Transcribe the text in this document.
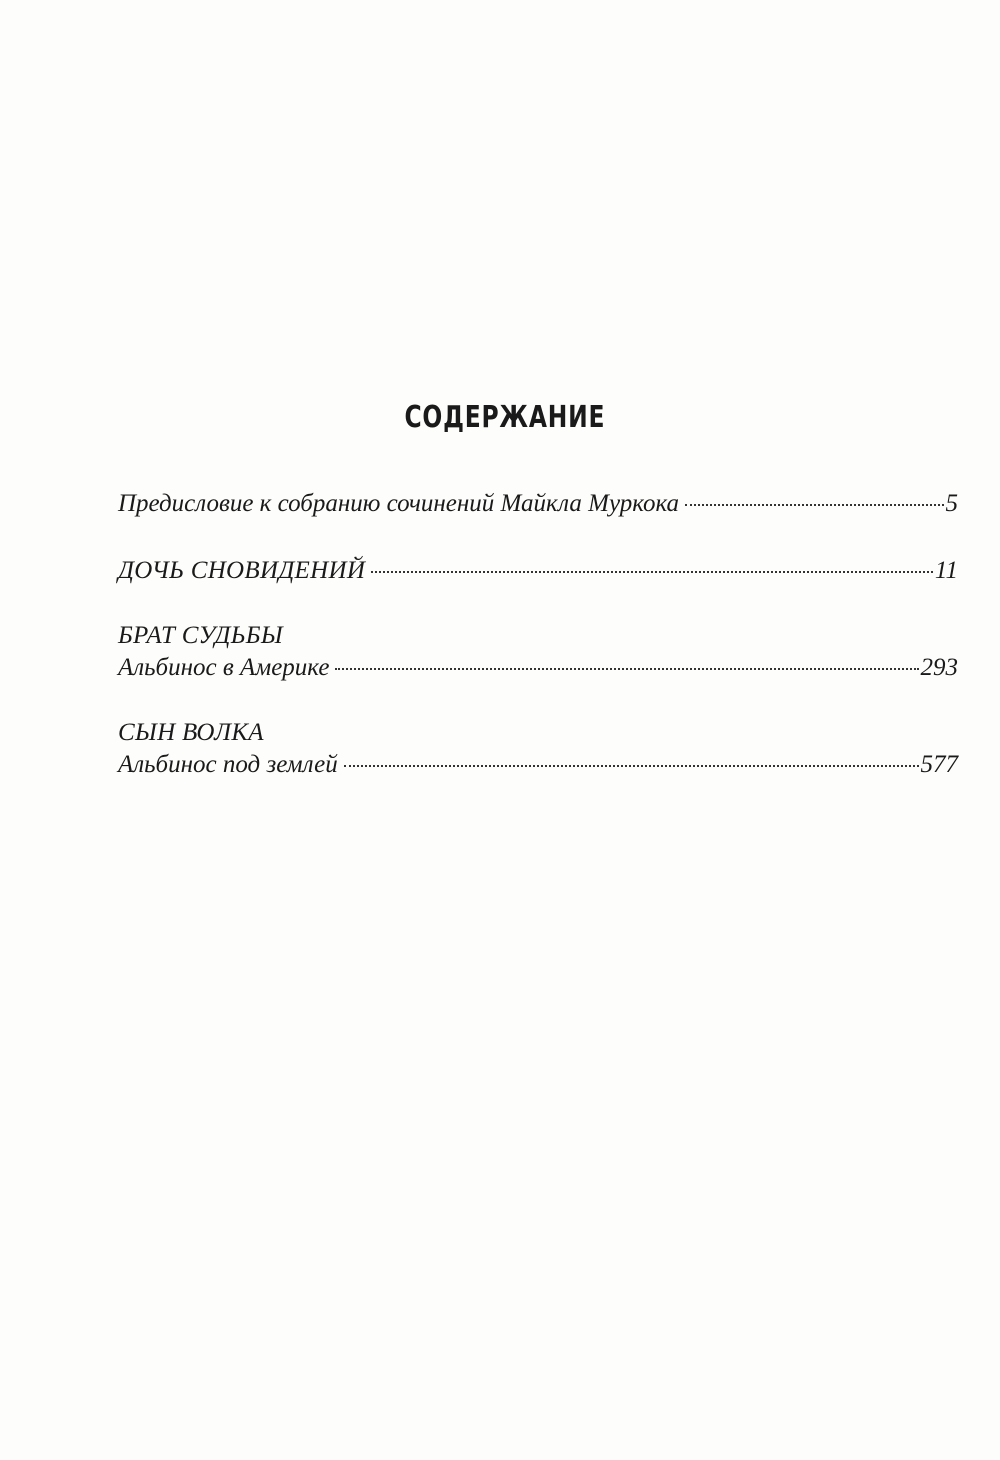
СОДЕРЖАНИЕ
Предисловие к собранию сочинений Майкла Муркока	5
ДОЧЬ СНОВИДЕНИЙ	11
БРАТ СУДЬБЫ
Альбинос в Америке	293
СЫН ВОЛКА
Альбинос под землей	577
